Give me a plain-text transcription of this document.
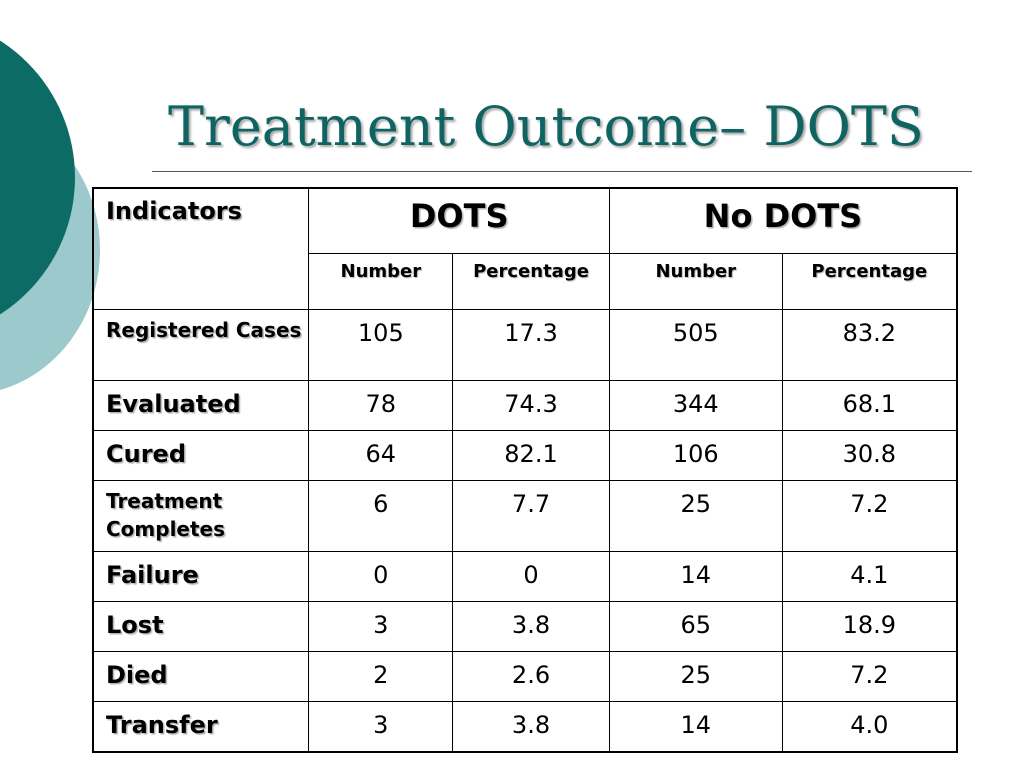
Treatment Outcome– DOTS
Indicators	DOTS		No DOTS	
	Number	Percentage	Number	Percentage
Registered Cases	105	17.3	505	83.2
Evaluated	78	74.3	344	68.1
Cured	64	82.1	106	30.8
Treatment Completes	6	7.7	25	7.2
Failure	0	0	14	4.1
Lost	3	3.8	65	18.9
Died	2	2.6	25	7.2
Transfer	3	3.8	14	4.0
